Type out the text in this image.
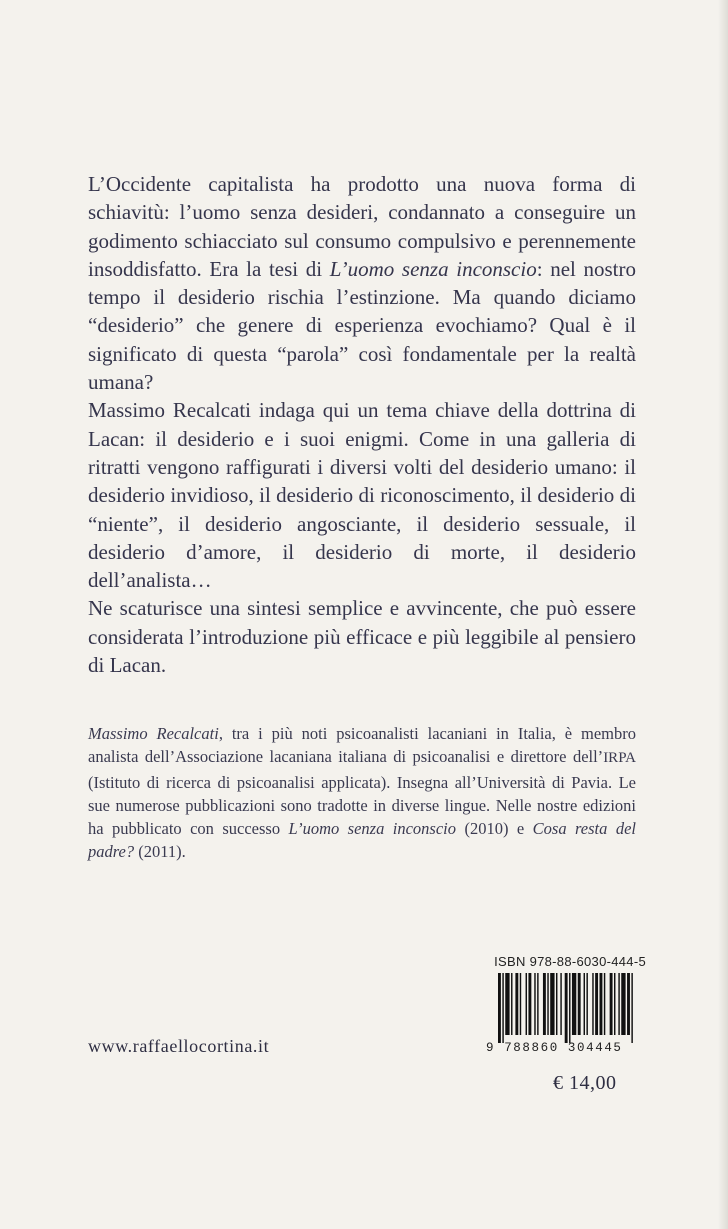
L’Occidente capitalista ha prodotto una nuova forma di schiavitù: l’uomo senza desideri, condannato a conseguire un godimento schiacciato sul consumo compulsivo e perennemente insoddisfatto. Era la tesi di L’uomo senza inconscio: nel nostro tempo il desiderio rischia l’estinzione. Ma quando diciamo “desiderio” che genere di esperienza evochiamo? Qual è il significato di questa “parola” così fondamentale per la realtà umana?

Massimo Recalcati indaga qui un tema chiave della dottrina di Lacan: il desiderio e i suoi enigmi. Come in una galleria di ritratti vengono raffigurati i diversi volti del desiderio umano: il desiderio invidioso, il desiderio di riconoscimento, il desiderio di “niente”, il desiderio angosciante, il desiderio sessuale, il desiderio d’amore, il desiderio di morte, il desiderio dell’analista…

Ne scaturisce una sintesi semplice e avvincente, che può essere considerata l’introduzione più efficace e più leggibile al pensiero di Lacan.

Massimo Recalcati, tra i più noti psicoanalisti lacaniani in Italia, è membro analista dell’Associazione lacaniana italiana di psicoanalisi e direttore dell’IRPA (Istituto di ricerca di psicoanalisi applicata). Insegna all’Università di Pavia. Le sue numerose pubblicazioni sono tradotte in diverse lingue. Nelle nostre edizioni ha pubblicato con successo L’uomo senza inconscio (2010) e Cosa resta del padre? (2011).

www.raffaellocortina.it
ISBN 978-88-6030-444-5
9 788860 304445
€ 14,00
